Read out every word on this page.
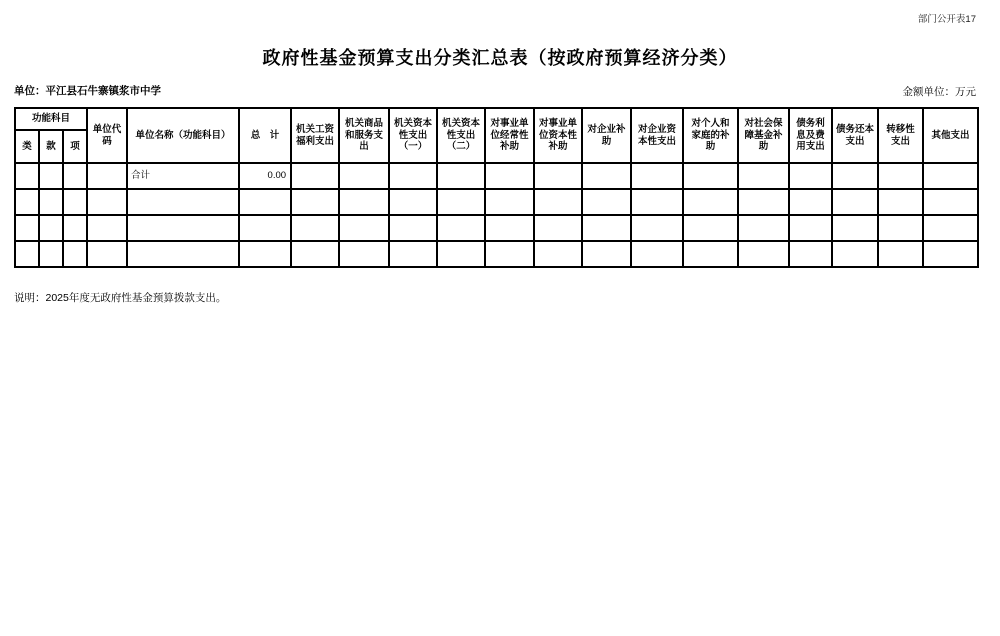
部门公开表17
政府性基金预算支出分类汇总表（按政府预算经济分类）
单位：平江县石牛寨镇浆市中学	金额单位：万元
功能科目			单位代码	单位名称（功能科目）	总　计	机关工资福利支出	机关商品和服务支出	机关资本性支出（一）	机关资本性支出（二）	对事业单位经常性补助	对事业单位资本性补助	对企业补助	对企业资本性支出	对个人和家庭的补助	对社会保障基金补助	债务利息及费用支出	债务还本支出	转移性支出	其他支出
类	款	项																	
				合计	0.00														

说明：2025年度无政府性基金预算拨款支出。
